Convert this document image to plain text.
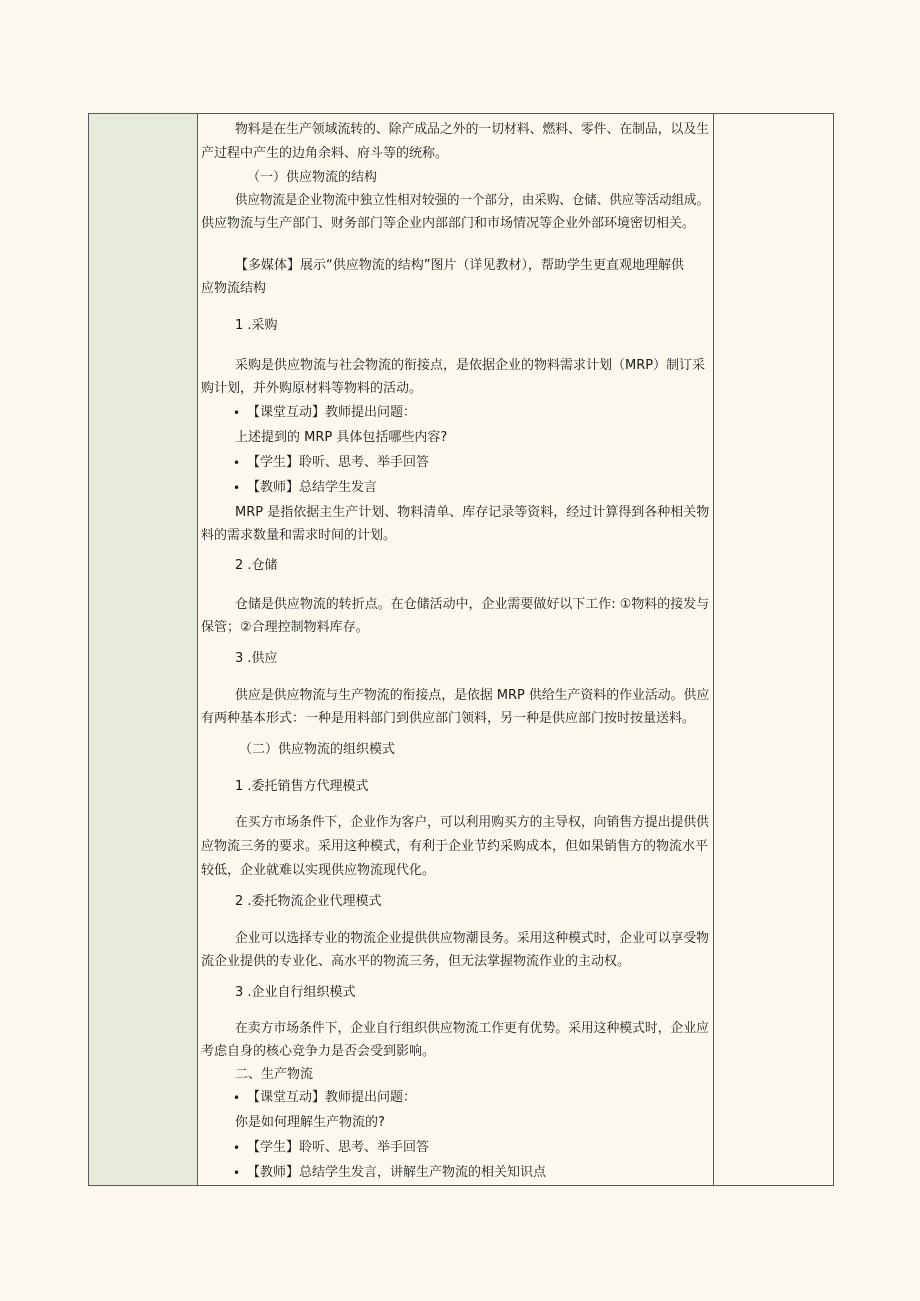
物料是在生产领域流转的、除产成品之外的一切材料、燃料、零件、在制品，以及生
产过程中产生的边角余料、府斗等的统称。
（一）供应物流的结构
供应物流是企业物流中独立性相对较强的一个部分，由采购、仓储、供应等活动组成。
供应物流与生产部门、财务部门等企业内部部门和市场情况等企业外部环境密切相关。
【多媒体】展示“供应物流的结构”图片（详见教材），帮助学生更直观地理解供
应物流结构
1 .采购
采购是供应物流与社会物流的衔接点，是依据企业的物料需求计划（MRP）制订采
购计划，并外购原材料等物料的活动。
• 【课堂互动】教师提出问题：
上述提到的 MRP 具体包括哪些内容?
• 【学生】聆听、思考、举手回答
• 【教师】总结学生发言
MRP 是指依据主生产计划、物料清单、库存记录等资料，经过计算得到各种相关物
料的需求数量和需求时间的计划。
2 .仓储
仓储是供应物流的转折点。在仓储活动中，企业需要做好以下工作: ①物料的接发与
保管；②合理控制物料库存。
3 .供应
供应是供应物流与生产物流的衔接点，是依据 MRP 供给生产资料的作业活动。供应
有两种基本形式：一种是用料部门到供应部门领料，另一种是供应部门按时按量送料。
（二）供应物流的组织模式
1 .委托销售方代理模式
在买方市场条件下，企业作为客户，可以利用购买方的主导权，向销售方提出提供供
应物流三务的要求。采用这种模式，有利于企业节约采购成本，但如果销售方的物流水平
较低，企业就难以实现供应物流现代化。
2 .委托物流企业代理模式
企业可以选择专业的物流企业提供供应物潮艮务。采用这种模式时，企业可以享受物
流企业提供的专业化、高水平的物流三务，但无法掌握物流作业的主动权。
3 .企业自行组织模式
在卖方市场条件下，企业自行组织供应物流工作更有优势。采用这种模式时，企业应
考虑自身的核心竞争力是否会受到影响。
二、生产物流
• 【课堂互动】教师提出问题：
你是如何理解生产物流的?
• 【学生】聆听、思考、举手回答
• 【教师】总结学生发言，讲解生产物流的相关知识点
